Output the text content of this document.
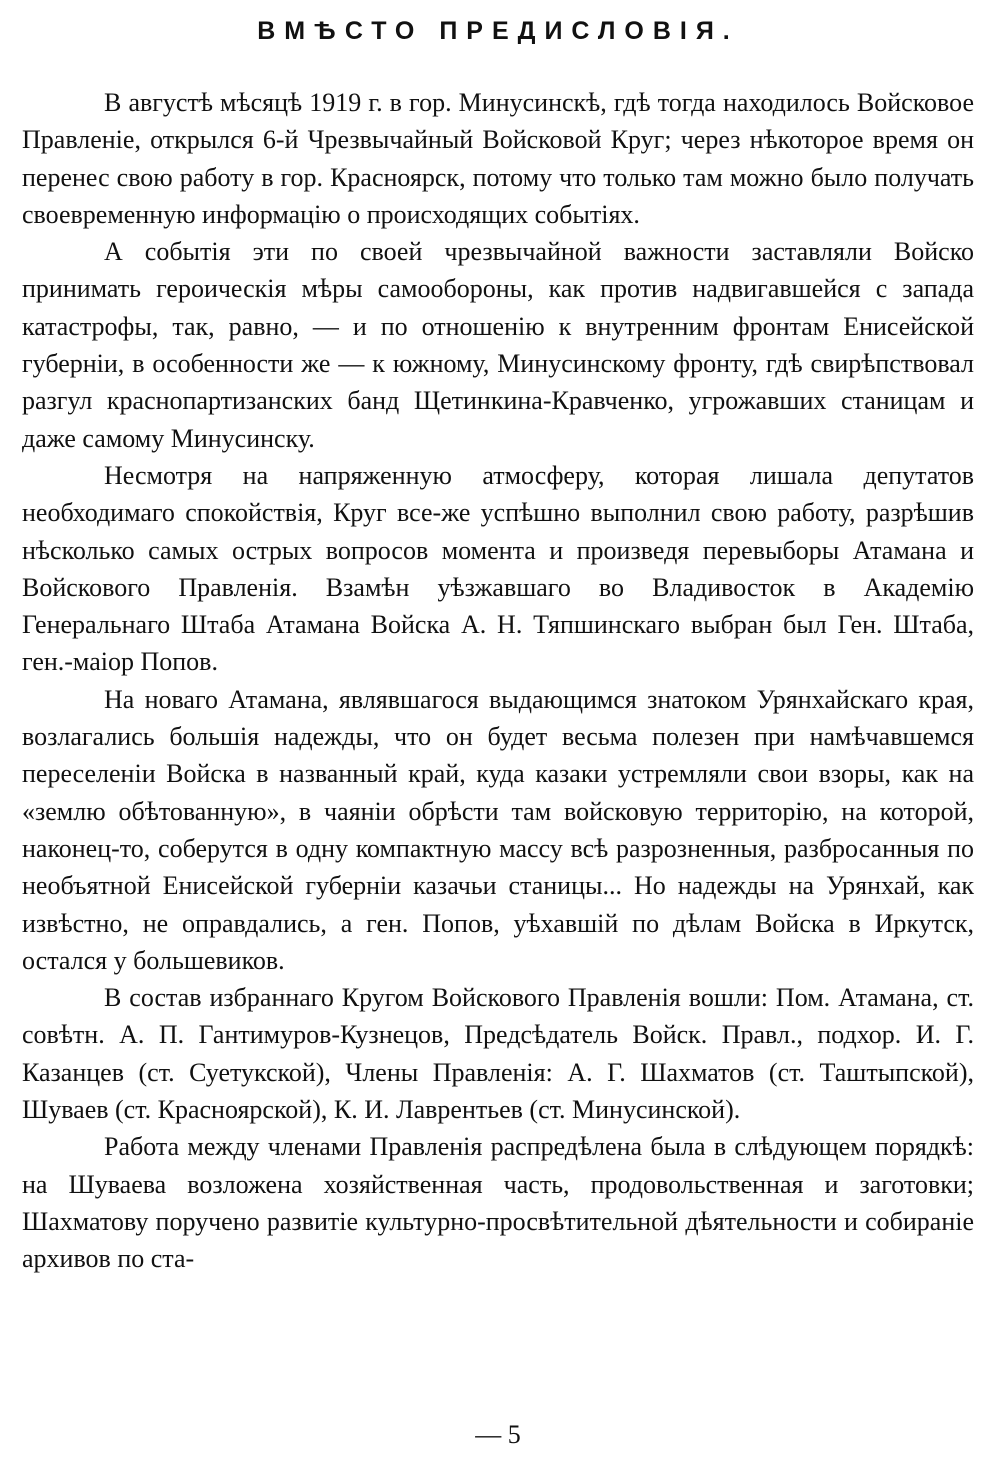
ВМѢСТО ПРЕДИСЛОВІЯ.

В августѣ мѣсяцѣ 1919 г. в гор. Минусинскѣ, гдѣ тогда находилось Войсковое Правленіе, открылся 6-й Чрезвычайный Войсковой Круг; через нѣкоторое время он перенес свою работу в гор. Красноярск, потому что только там можно было получать своевременную информацію о происходящих событіях.

А событія эти по своей чрезвычайной важности заставляли Войско принимать героическія мѣры самообороны, как против надвигавшейся с запада катастрофы, так, равно, — и по отношенію к внутренним фронтам Енисейской губерніи, в особенности же — к южному, Минусинскому фронту, гдѣ свирѣпствовал разгул краснопартизанских банд Щетинкина-Кравченко, угрожавших станицам и даже самому Минусинску.

Несмотря на напряженную атмосферу, которая лишала депутатов необходимаго спокойствія, Круг все-же успѣшно выполнил свою работу, разрѣшив нѣсколько самых острых вопросов момента и произведя перевыборы Атамана и Войскового Правленія. Взамѣн уѣзжавшаго во Владивосток в Академію Генеральнаго Штаба Атамана Войска А. Н. Тяпшинскаго выбран был Ген. Штаба, ген.-маіор Попов.

На новаго Атамана, являвшагося выдающимся знатоком Урянхайскаго края, возлагались большія надежды, что он будет весьма полезен при намѣчавшемся переселеніи Войска в названный край, куда казаки устремляли свои взоры, как на «землю обѣтованную», в чаяніи обрѣсти там войсковую территорію, на которой, наконец-то, соберутся в одну компактную массу всѣ разрозненныя, разбросанныя по необъятной Енисейской губерніи казачьи станицы... Но надежды на Урянхай, как извѣстно, не оправдались, а ген. Попов, уѣхавшій по дѣлам Войска в Иркутск, остался у большевиков.

В состав избраннаго Кругом Войскового Правленія вошли: Пом. Атамана, ст. совѣтн. А. П. Гантимуров-Кузнецов, Предсѣдатель Войск. Правл., подхор. И. Г. Казанцев (ст. Суетукской), Члены Правленія: А. Г. Шахматов (ст. Таштыпской), Шуваев (ст. Красноярской), К. И. Лаврентьев (ст. Минусинской).

Работа между членами Правленія распредѣлена была в слѣдующем порядкѣ: на Шуваева возложена хозяйственная часть, продовольственная и заготовки; Шахматову поручено развитіе культурно-просвѣтительной дѣятельности и собираніе архивов по ста-

— 5
